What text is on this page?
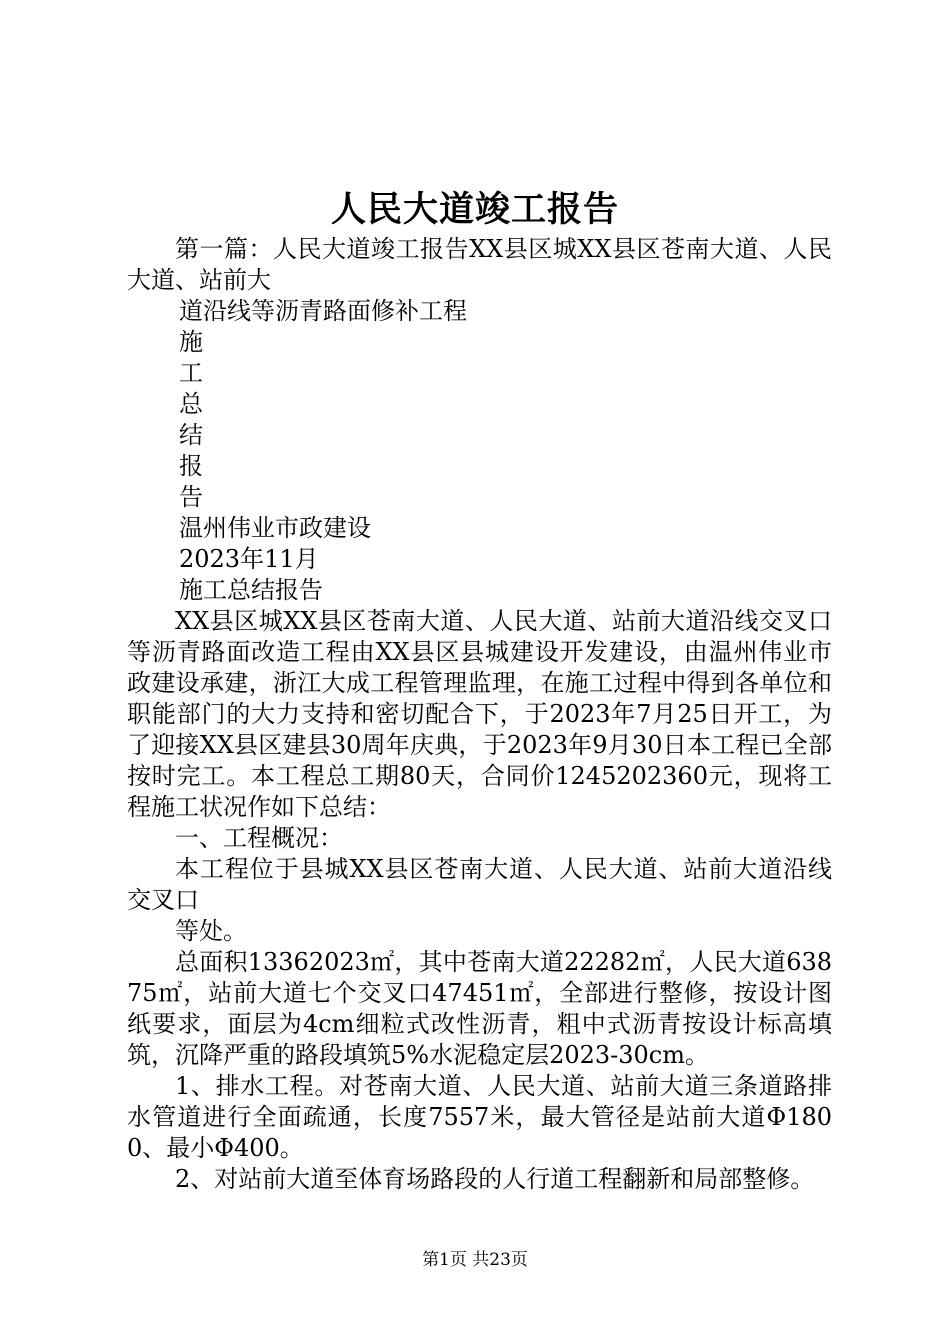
人民大道竣工报告

第一篇：人民大道竣工报告XX县区城XX县区苍南大道、人民大道、站前大

道沿线等沥青路面修补工程

施

工

总

结

报

告

温州伟业市政建设

2023年11月

施工总结报告

XX县区城XX县区苍南大道、人民大道、站前大道沿线交叉口等沥青路面改造工程由XX县区县城建设开发建设，由温州伟业市政建设承建，浙江大成工程管理监理，在施工过程中得到各单位和职能部门的大力支持和密切配合下，于2023年7月25日开工，为了迎接XX县区建县30周年庆典，于2023年9月30日本工程已全部按时完工。本工程总工期80天，合同价1245202360元，现将工程施工状况作如下总结：

一、工程概况：

本工程位于县城XX县区苍南大道、人民大道、站前大道沿线交叉口

等处。

总面积13362023㎡，其中苍南大道22282㎡，人民大道63875㎡，站前大道七个交叉口47451㎡，全部进行整修，按设计图纸要求，面层为4cm细粒式改性沥青，粗中式沥青按设计标高填筑，沉降严重的路段填筑5%水泥稳定层2023-30cm。

1、排水工程。对苍南大道、人民大道、站前大道三条道路排水管道进行全面疏通，长度7557米，最大管径是站前大道Φ1800、最小Φ400。

2、对站前大道至体育场路段的人行道工程翻新和局部整修。

第1页 共23页
